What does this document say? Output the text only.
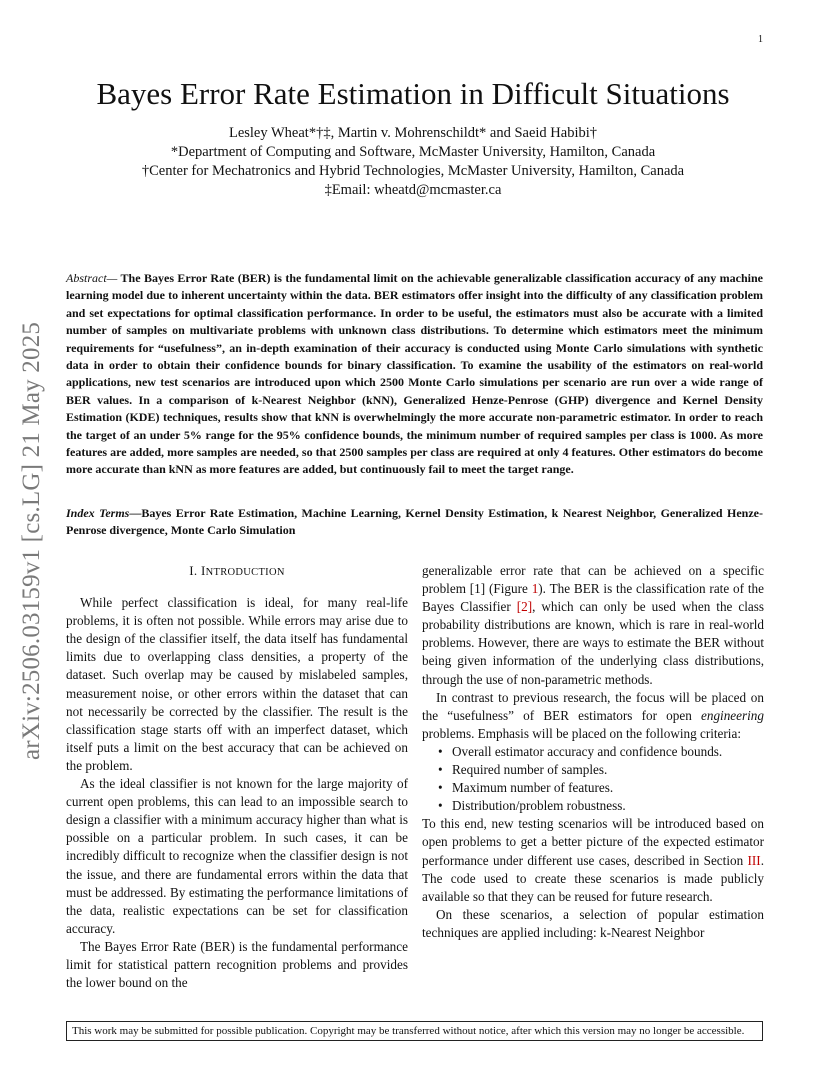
1
arXiv:2506.03159v1 [cs.LG] 21 May 2025
Bayes Error Rate Estimation in Difficult Situations
Lesley Wheat*†‡, Martin v. Mohrenschildt* and Saeid Habibi†
*Department of Computing and Software, McMaster University, Hamilton, Canada
†Center for Mechatronics and Hybrid Technologies, McMaster University, Hamilton, Canada
‡Email: wheatd@mcmaster.ca
Abstract— The Bayes Error Rate (BER) is the fundamental limit on the achievable generalizable classification accuracy of any machine learning model due to inherent uncertainty within the data. BER estimators offer insight into the difficulty of any classification problem and set expectations for optimal classification performance. In order to be useful, the estimators must also be accurate with a limited number of samples on multivariate problems with unknown class distributions. To determine which estimators meet the minimum requirements for “usefulness”, an in-depth examination of their accuracy is conducted using Monte Carlo simulations with synthetic data in order to obtain their confidence bounds for binary classification. To examine the usability of the estimators on real-world applications, new test scenarios are introduced upon which 2500 Monte Carlo simulations per scenario are run over a wide range of BER values. In a comparison of k-Nearest Neighbor (kNN), Generalized Henze-Penrose (GHP) divergence and Kernel Density Estimation (KDE) techniques, results show that kNN is overwhelmingly the more accurate non-parametric estimator. In order to reach the target of an under 5% range for the 95% confidence bounds, the minimum number of required samples per class is 1000. As more features are added, more samples are needed, so that 2500 samples per class are required at only 4 features. Other estimators do become more accurate than kNN as more features are added, but continuously fail to meet the target range.
Index Terms—Bayes Error Rate Estimation, Machine Learning, Kernel Density Estimation, k Nearest Neighbor, Generalized Henze-Penrose divergence, Monte Carlo Simulation
I. INTRODUCTION

While perfect classification is ideal, for many real-life problems, it is often not possible. While errors may arise due to the design of the classifier itself, the data itself has fundamental limits due to overlapping class densities, a property of the dataset. Such overlap may be caused by mislabeled samples, measurement noise, or other errors within the dataset that can not necessarily be corrected by the classifier. The result is the classification stage starts off with an imperfect dataset, which itself puts a limit on the best accuracy that can be achieved on the problem.

As the ideal classifier is not known for the large majority of current open problems, this can lead to an impossible search to design a classifier with a minimum accuracy higher than what is possible on a particular problem. In such cases, it can be incredibly difficult to recognize when the classifier design is not the issue, and there are fundamental errors within the data that must be addressed. By estimating the performance limitations of the data, realistic expectations can be set for classification accuracy.

The Bayes Error Rate (BER) is the fundamental performance limit for statistical pattern recognition problems and provides the lower bound on the

generalizable error rate that can be achieved on a specific problem [1] (Figure 1). The BER is the classification rate of the Bayes Classifier [2], which can only be used when the class probability distributions are known, which is rare in real-world problems. However, there are ways to estimate the BER without being given information of the underlying class distributions, through the use of non-parametric methods.

In contrast to previous research, the focus will be placed on the “usefulness” of BER estimators for open engineering problems. Emphasis will be placed on the following criteria:

• Overall estimator accuracy and confidence bounds.
• Required number of samples.
• Maximum number of features.
• Distribution/problem robustness.

To this end, new testing scenarios will be introduced based on open problems to get a better picture of the expected estimator performance under different use cases, described in Section III. The code used to create these scenarios is made publicly available so that they can be reused for future research.

On these scenarios, a selection of popular estimation techniques are applied including: k-Nearest Neighbor

This work may be submitted for possible publication. Copyright may be transferred without notice, after which this version may no longer be accessible.
